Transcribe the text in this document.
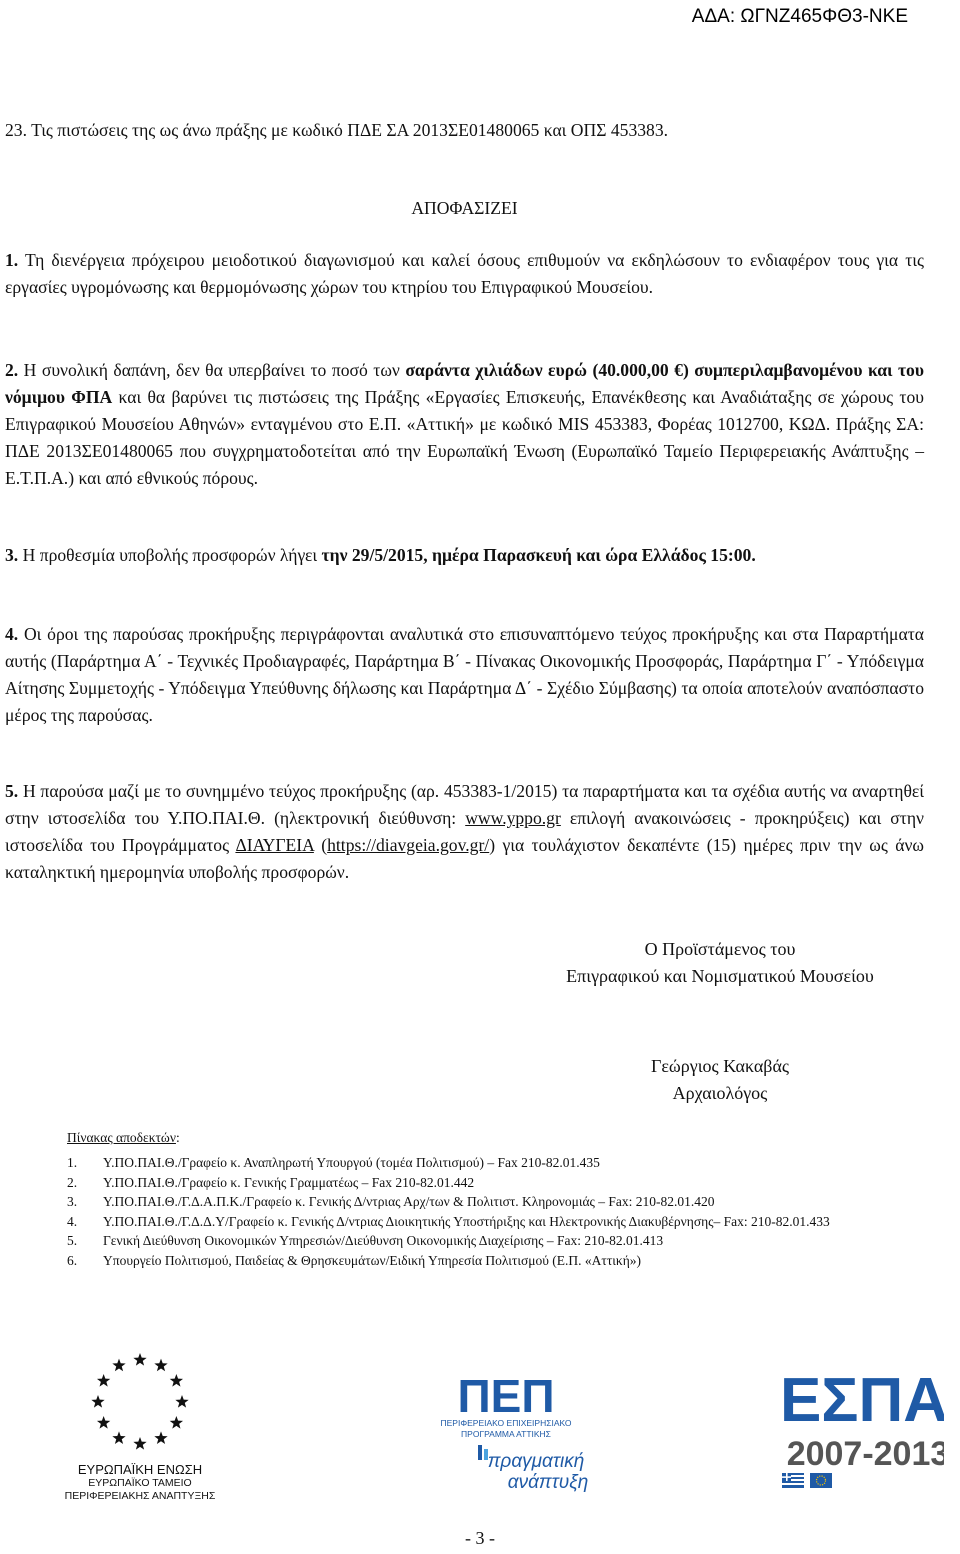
ΑΔΑ: ΩΓΝΖ465ΦΘ3-ΝΚΕ

23. Τις πιστώσεις της ως άνω πράξης με κωδικό ΠΔΕ ΣΑ 2013ΣΕ01480065 και ΟΠΣ 453383.

ΑΠΟΦΑΣΙΖΕΙ

1. Τη διενέργεια πρόχειρου μειοδοτικού διαγωνισμού και καλεί όσους επιθυμούν να εκδηλώσουν το ενδιαφέρον τους για τις εργασίες υγρομόνωσης και θερμομόνωσης χώρων του κτηρίου του Επιγραφικού Μουσείου.

2. Η συνολική δαπάνη, δεν θα υπερβαίνει το ποσό των σαράντα χιλιάδων ευρώ (40.000,00 €) συμπεριλαμβανομένου και του νόμιμου ΦΠΑ και θα βαρύνει τις πιστώσεις της Πράξης «Εργασίες Επισκευής, Επανέκθεσης και Αναδιάταξης σε χώρους του Επιγραφικού Μουσείου Αθηνών» ενταγμένου στο Ε.Π. «Αττική» με κωδικό MIS 453383, Φορέας 1012700, ΚΩΔ. Πράξης ΣΑ: ΠΔΕ 2013ΣΕ01480065 που συγχρηματοδοτείται από την Ευρωπαϊκή Ένωση (Ευρωπαϊκό Ταμείο Περιφερειακής Ανάπτυξης – Ε.Τ.Π.Α.) και από εθνικούς πόρους.

3. Η προθεσμία υποβολής προσφορών λήγει την 29/5/2015, ημέρα Παρασκευή και ώρα Ελλάδος 15:00.

4. Οι όροι της παρούσας προκήρυξης περιγράφονται αναλυτικά στο επισυναπτόμενο τεύχος προκήρυξης και στα Παραρτήματα αυτής (Παράρτημα Α΄ - Τεχνικές Προδιαγραφές, Παράρτημα Β΄ - Πίνακας Οικονομικής Προσφοράς, Παράρτημα Γ΄ - Υπόδειγμα Αίτησης Συμμετοχής - Υπόδειγμα Υπεύθυνης δήλωσης και Παράρτημα Δ΄ - Σχέδιο Σύμβασης) τα οποία αποτελούν αναπόσπαστο μέρος της παρούσας.

5. Η παρούσα μαζί με το συνημμένο τεύχος προκήρυξης (αρ. 453383-1/2015) τα παραρτήματα και τα σχέδια αυτής να αναρτηθεί στην ιστοσελίδα του Υ.ΠΟ.ΠΑΙ.Θ. (ηλεκτρονική διεύθυνση: www.yppo.gr επιλογή ανακοινώσεις - προκηρύξεις) και στην ιστοσελίδα του Προγράμματος ΔΙΑΥΓΕΙΑ (https://diavgeia.gov.gr/) για τουλάχιστον δεκαπέντε (15) ημέρες πριν την ως άνω καταληκτική ημερομηνία υποβολής προσφορών.

Ο Προϊστάμενος του
Επιγραφικού και Νομισματικού Μουσείου
Γεώργιος Κακαβάς
Αρχαιολόγος
Πίνακας αποδεκτών:
1.	Υ.ΠΟ.ΠΑΙ.Θ./Γραφείο κ. Αναπληρωτή Υπουργού (τομέα Πολιτισμού) – Fax 210-82.01.435
2.	Υ.ΠΟ.ΠΑΙ.Θ./Γραφείο κ. Γενικής Γραμματέως – Fax 210-82.01.442
3.	Υ.ΠΟ.ΠΑΙ.Θ./Γ.Δ.Α.Π.Κ./Γραφείο κ. Γενικής Δ/ντριας Αρχ/των & Πολιτιστ. Κληρονομιάς – Fax: 210-82.01.420
4.	Υ.ΠΟ.ΠΑΙ.Θ./Γ.Δ.Δ.Υ/Γραφείο κ. Γενικής Δ/ντριας Διοικητικής Υποστήριξης και Ηλεκτρονικής Διακυβέρνησης– Fax: 210-82.01.433
5.	Γενική Διεύθυνση Οικονομικών Υπηρεσιών/Διεύθυνση Οικονομικής Διαχείρισης – Fax: 210-82.01.413
6.	Υπουργείο Πολιτισμού, Παιδείας & Θρησκευμάτων/Ειδική Υπηρεσία Πολιτισμού (Ε.Π. «Αττική»)
ΕΥΡΩΠΑΪΚΗ ΕΝΩΣΗ
ΕΥΡΩΠΑΪΚΟ ΤΑΜΕΙΟ
ΠΕΡΙΦΕΡΕΙΑΚΗΣ ΑΝΑΠΤΥΞΗΣ
ΠΕΠ
ΠΕΡΙΦΕΡΕΙΑΚΟ ΕΠΙΧΕΙΡΗΣΙΑΚΟ
ΠΡΟΓΡΑΜΜΑ ΑΤΤΙΚΗΣ
πραγματική
ανάπτυξη
ΕΣΠΑ
2007-2013
- 3 -
